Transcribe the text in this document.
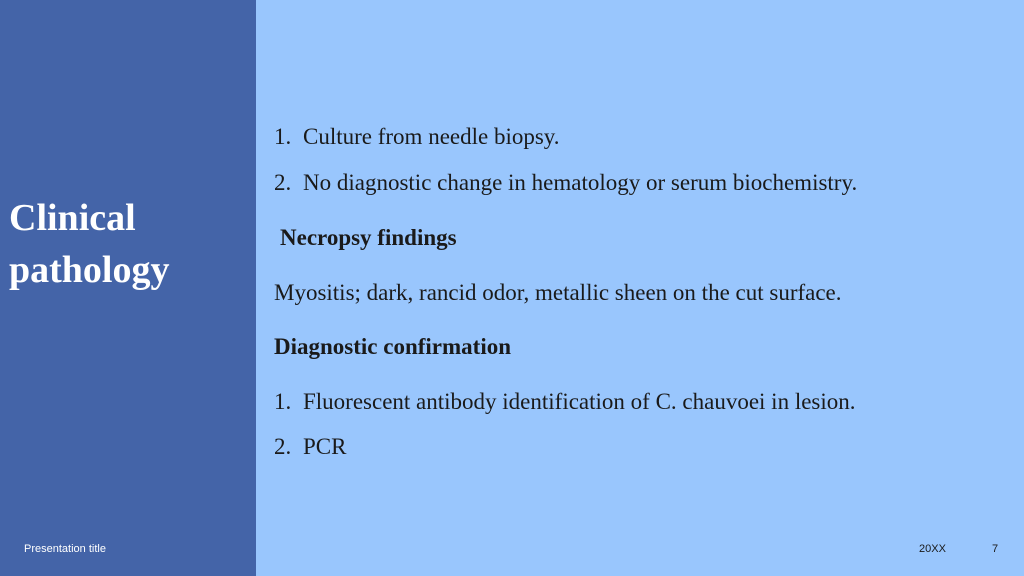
Clinical
pathology
1. Culture from needle biopsy.
2. No diagnostic change in hematology or serum biochemistry.
Necropsy findings
Myositis; dark, rancid odor, metallic sheen on the cut surface.
Diagnostic confirmation
1. Fluorescent antibody identification of C. chauvoei in lesion.
2. PCR
Presentation title	20XX	7
